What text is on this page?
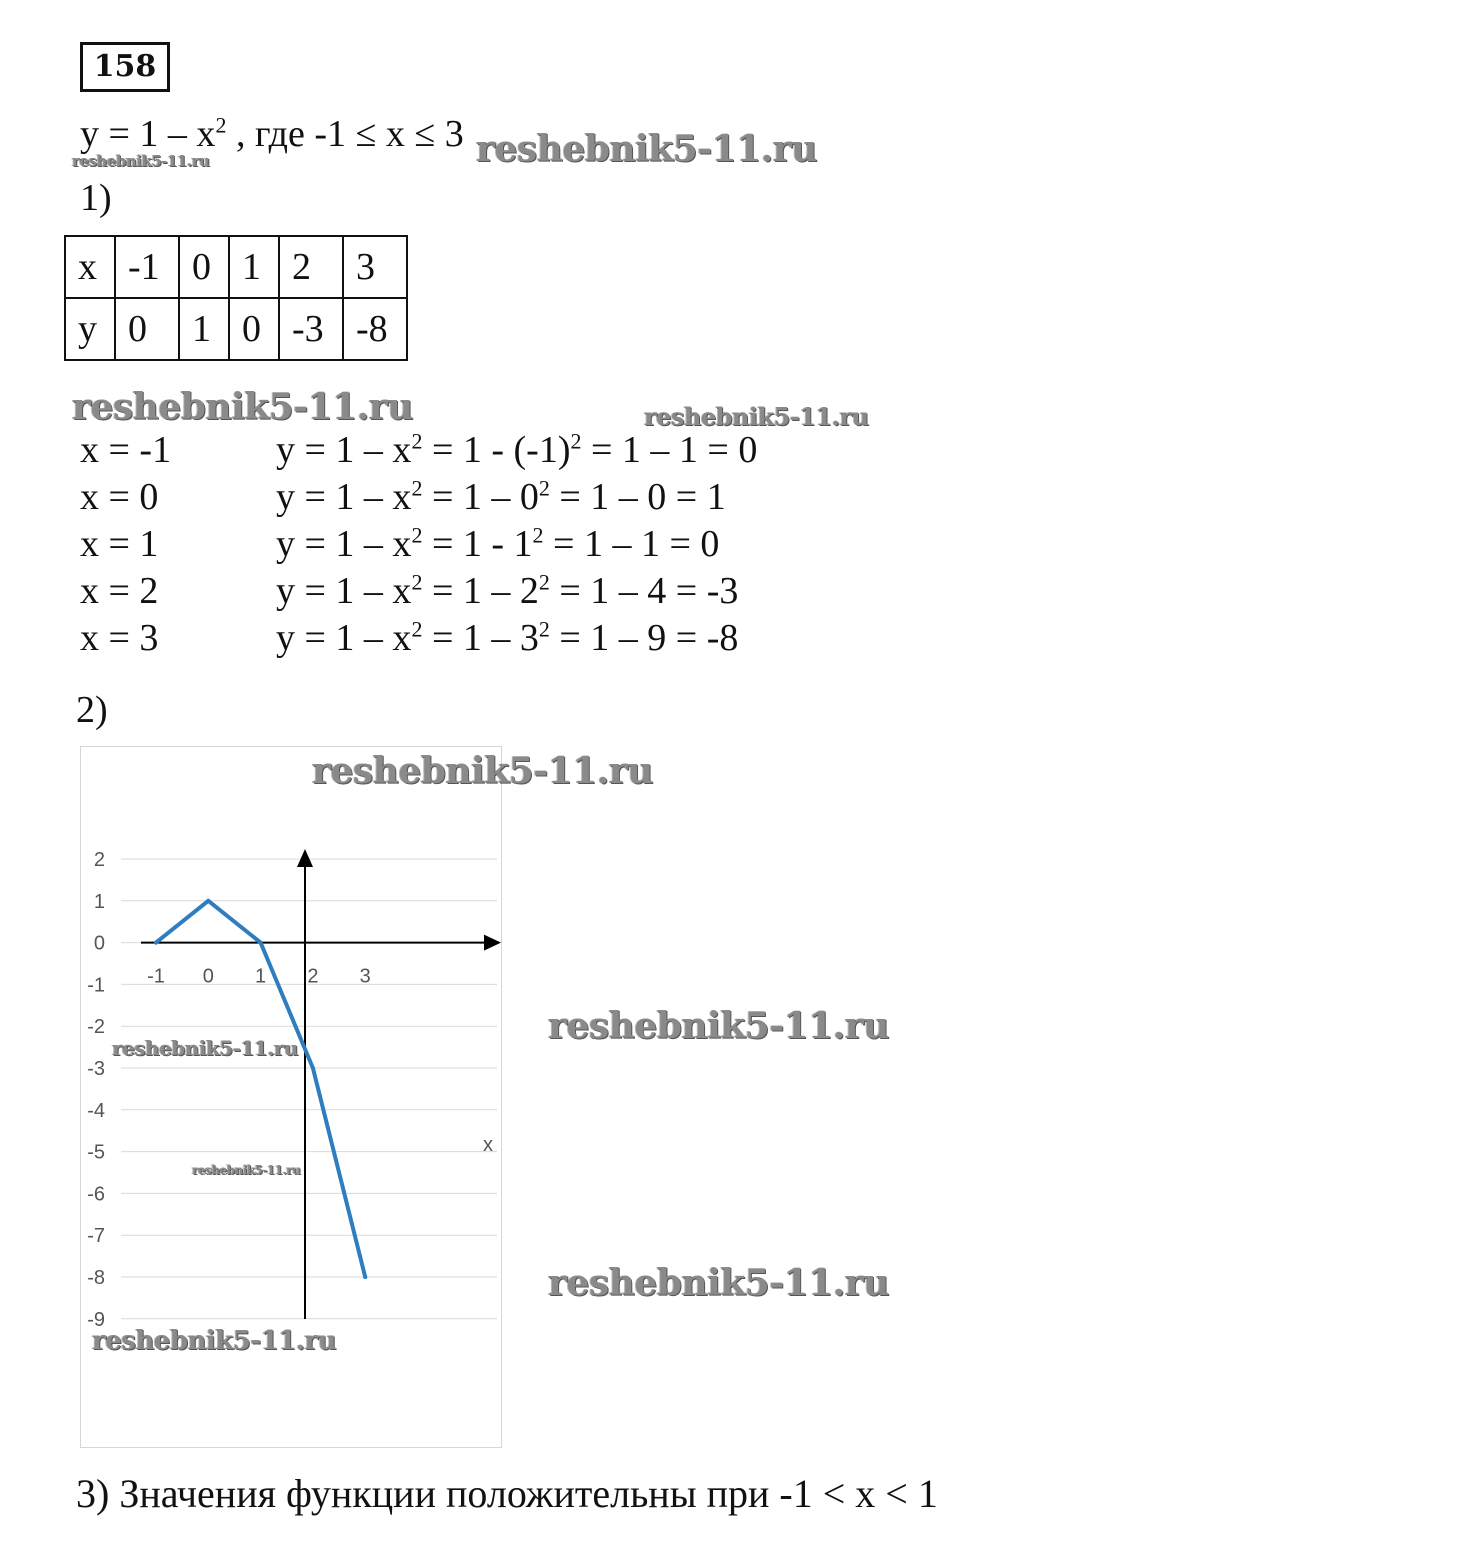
158
$y = 1 - x^2$ , где -1 ≤ x ≤ 3
1)
x	-1	0	1	2	3
y	0	1	0	-3	-8
x = -1	$y = 1 - x^2 = 1 - (-1)^2 = 1 - 1 = 0$
x = 0	$y = 1 - x^2 = 1 - 0^2 = 1 - 0 = 1$
x = 1	$y = 1 - x^2 = 1 - 1^2 = 1 - 1 = 0$
x = 2	$y = 1 - x^2 = 1 - 2^2 = 1 - 4 = -3$
x = 3	$y = 1 - x^2 = 1 - 3^2 = 1 - 9 = -8$
2)
2
1
0
-1
-2
-3
-4
-5
-6
-7
-8
-9
-1 0 1 2 3
x
3) Значения функции положительны при -1 < x < 1
reshebnik5-11.ru
reshebnik5-11.ru
reshebnik5-11.ru	reshebnik5-11.ru
reshebnik5-11.ru
reshebnik5-11.ru
reshebnik5-11.ru
reshebnik5-11.ru
reshebnik5-11.ru
reshebnik5-11.ru
